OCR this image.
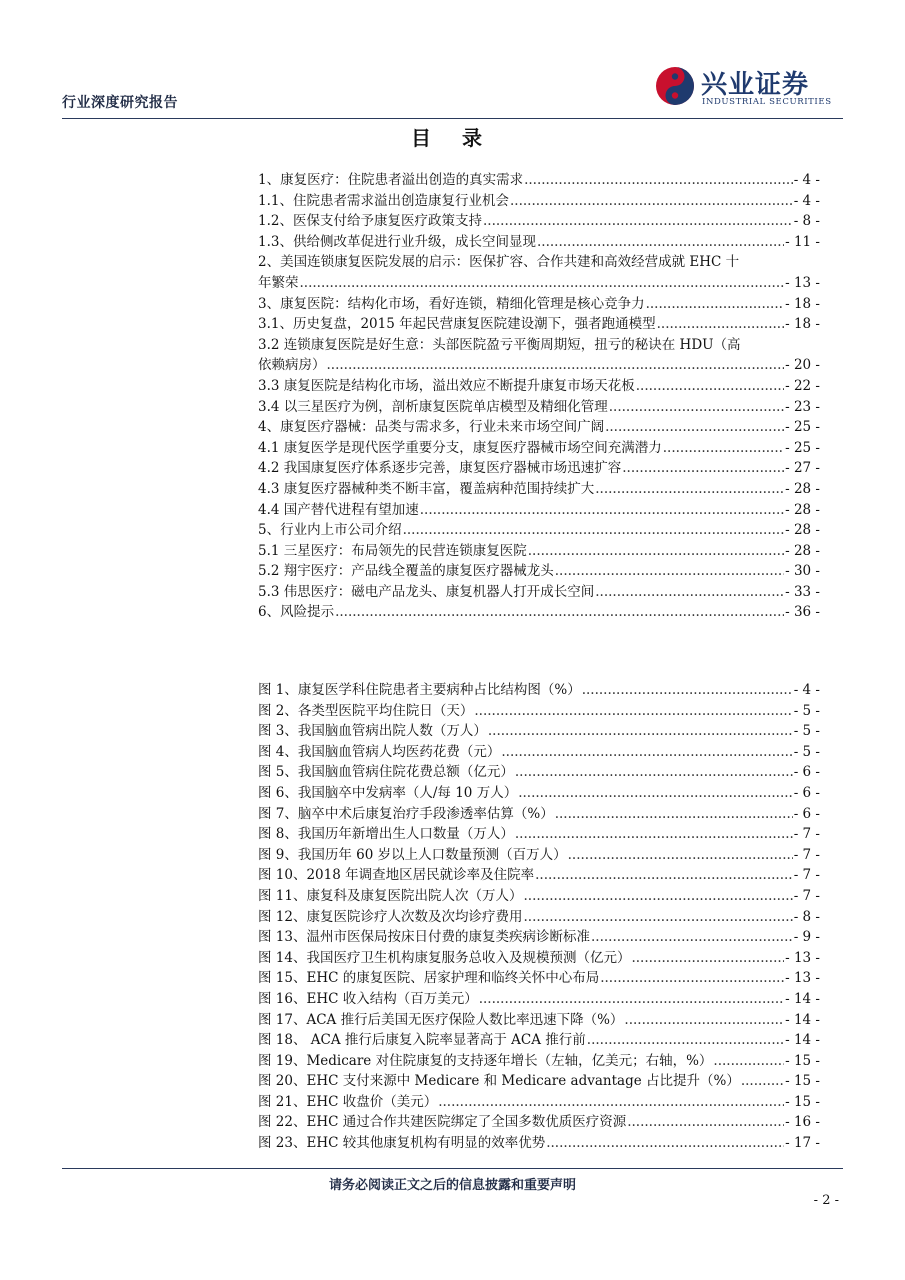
行业深度研究报告
兴业证券
INDUSTRIAL SECURITIES
目 录
1、康复医疗：住院患者溢出创造的真实需求 .....	- 4 -
1.1、住院患者需求溢出创造康复行业机会 .....	- 4 -
1.2、医保支付给予康复医疗政策支持 .....	- 8 -
1.3、供给侧改革促进行业升级，成长空间显现 .....	- 11 -
2、美国连锁康复医院发展的启示：医保扩容、合作共建和高效经营成就 EHC 十
年繁荣 .....	- 13 -
3、康复医院：结构化市场，看好连锁，精细化管理是核心竞争力 .....	- 18 -
3.1、历史复盘，2015 年起民营康复医院建设潮下，强者跑通模型 .....	- 18 -
3.2 连锁康复医院是好生意：头部医院盈亏平衡周期短，扭亏的秘诀在 HDU（高
依赖病房） .....	- 20 -
3.3 康复医院是结构化市场，溢出效应不断提升康复市场天花板 .....	- 22 -
3.4 以三星医疗为例，剖析康复医院单店模型及精细化管理 .....	- 23 -
4、康复医疗器械：品类与需求多，行业未来市场空间广阔 .....	- 25 -
4.1 康复医学是现代医学重要分支，康复医疗器械市场空间充满潜力 .....	- 25 -
4.2 我国康复医疗体系逐步完善，康复医疗器械市场迅速扩容 .....	- 27 -
4.3 康复医疗器械种类不断丰富，覆盖病种范围持续扩大 .....	- 28 -
4.4 国产替代进程有望加速 .....	- 28 -
5、行业内上市公司介绍 .....	- 28 -
5.1 三星医疗：布局领先的民营连锁康复医院 .....	- 28 -
5.2 翔宇医疗：产品线全覆盖的康复医疗器械龙头 .....	- 30 -
5.3 伟思医疗：磁电产品龙头、康复机器人打开成长空间 .....	- 33 -
6、风险提示 .....	- 36 -
图 1、康复医学科住院患者主要病种占比结构图（%） .....	- 4 -
图 2、各类型医院平均住院日（天） .....	- 5 -
图 3、我国脑血管病出院人数（万人） .....	- 5 -
图 4、我国脑血管病人均医药花费（元） .....	- 5 -
图 5、我国脑血管病住院花费总额（亿元） .....	- 6 -
图 6、我国脑卒中发病率（人/每 10 万人） .....	- 6 -
图 7、脑卒中术后康复治疗手段渗透率估算（%） .....	- 6 -
图 8、我国历年新增出生人口数量（万人） .....	- 7 -
图 9、我国历年 60 岁以上人口数量预测（百万人） .....	- 7 -
图 10、2018 年调查地区居民就诊率及住院率 .....	- 7 -
图 11、康复科及康复医院出院人次（万人） .....	- 7 -
图 12、康复医院诊疗人次数及次均诊疗费用 .....	- 8 -
图 13、温州市医保局按床日付费的康复类疾病诊断标准 .....	- 9 -
图 14、我国医疗卫生机构康复服务总收入及规模预测（亿元） .....	- 13 -
图 15、EHC 的康复医院、居家护理和临终关怀中心布局 .....	- 13 -
图 16、EHC 收入结构（百万美元） .....	- 14 -
图 17、ACA 推行后美国无医疗保险人数比率迅速下降（%） .....	- 14 -
图 18、 ACA 推行后康复入院率显著高于 ACA 推行前 .....	- 14 -
图 19、Medicare 对住院康复的支持逐年增长（左轴，亿美元；右轴，%） .....	- 15 -
图 20、EHC 支付来源中 Medicare 和 Medicare advantage 占比提升（%） .....	- 15 -
图 21、EHC 收盘价（美元） .....	- 15 -
图 22、EHC 通过合作共建医院绑定了全国多数优质医疗资源 .....	- 16 -
图 23、EHC 较其他康复机构有明显的效率优势 .....	- 17 -
请务必阅读正文之后的信息披露和重要声明
- 2 -
